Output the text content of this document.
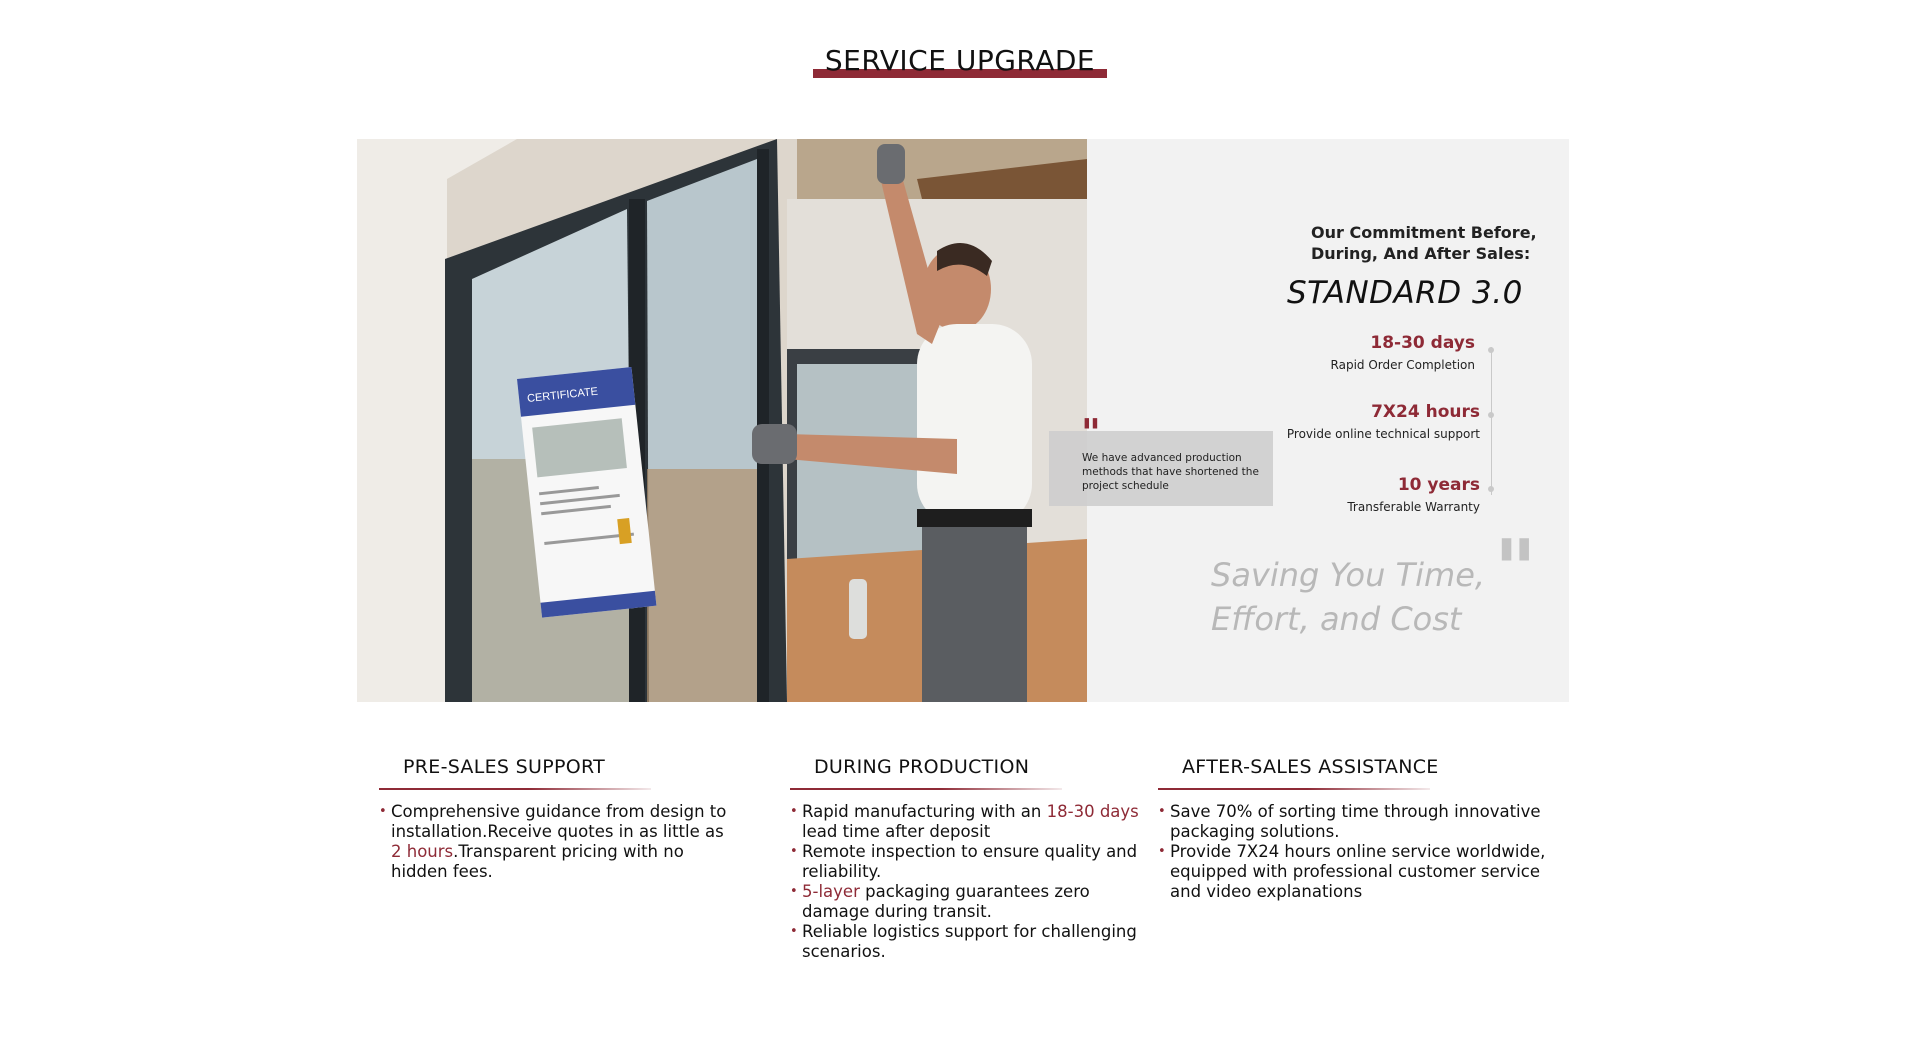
SERVICE UPGRADE
CERTIFICATE
Our Commitment Before,
During, And After Sales:
STANDARD 3.0
18-30 days
Rapid Order Completion
7X24 hours
Provide online technical support
10 years
Transferable Warranty
Saving You Time,
Effort, and Cost
"
"
We have advanced production methods that have shortened the project schedule
PRE-SALES SUPPORT
• Comprehensive guidance from design to installation.Receive quotes in as little as 2 hours.Transparent pricing with no hidden fees.
DURING PRODUCTION
• Rapid manufacturing with an 18-30 days lead time after deposit
• Remote inspection to ensure quality and reliability.
• 5-layer packaging guarantees zero damage during transit.
• Reliable logistics support for challenging scenarios.
AFTER-SALES ASSISTANCE
• Save 70% of sorting time through innovative packaging solutions.
• Provide 7X24 hours online service worldwide, equipped with professional customer service and video explanations
